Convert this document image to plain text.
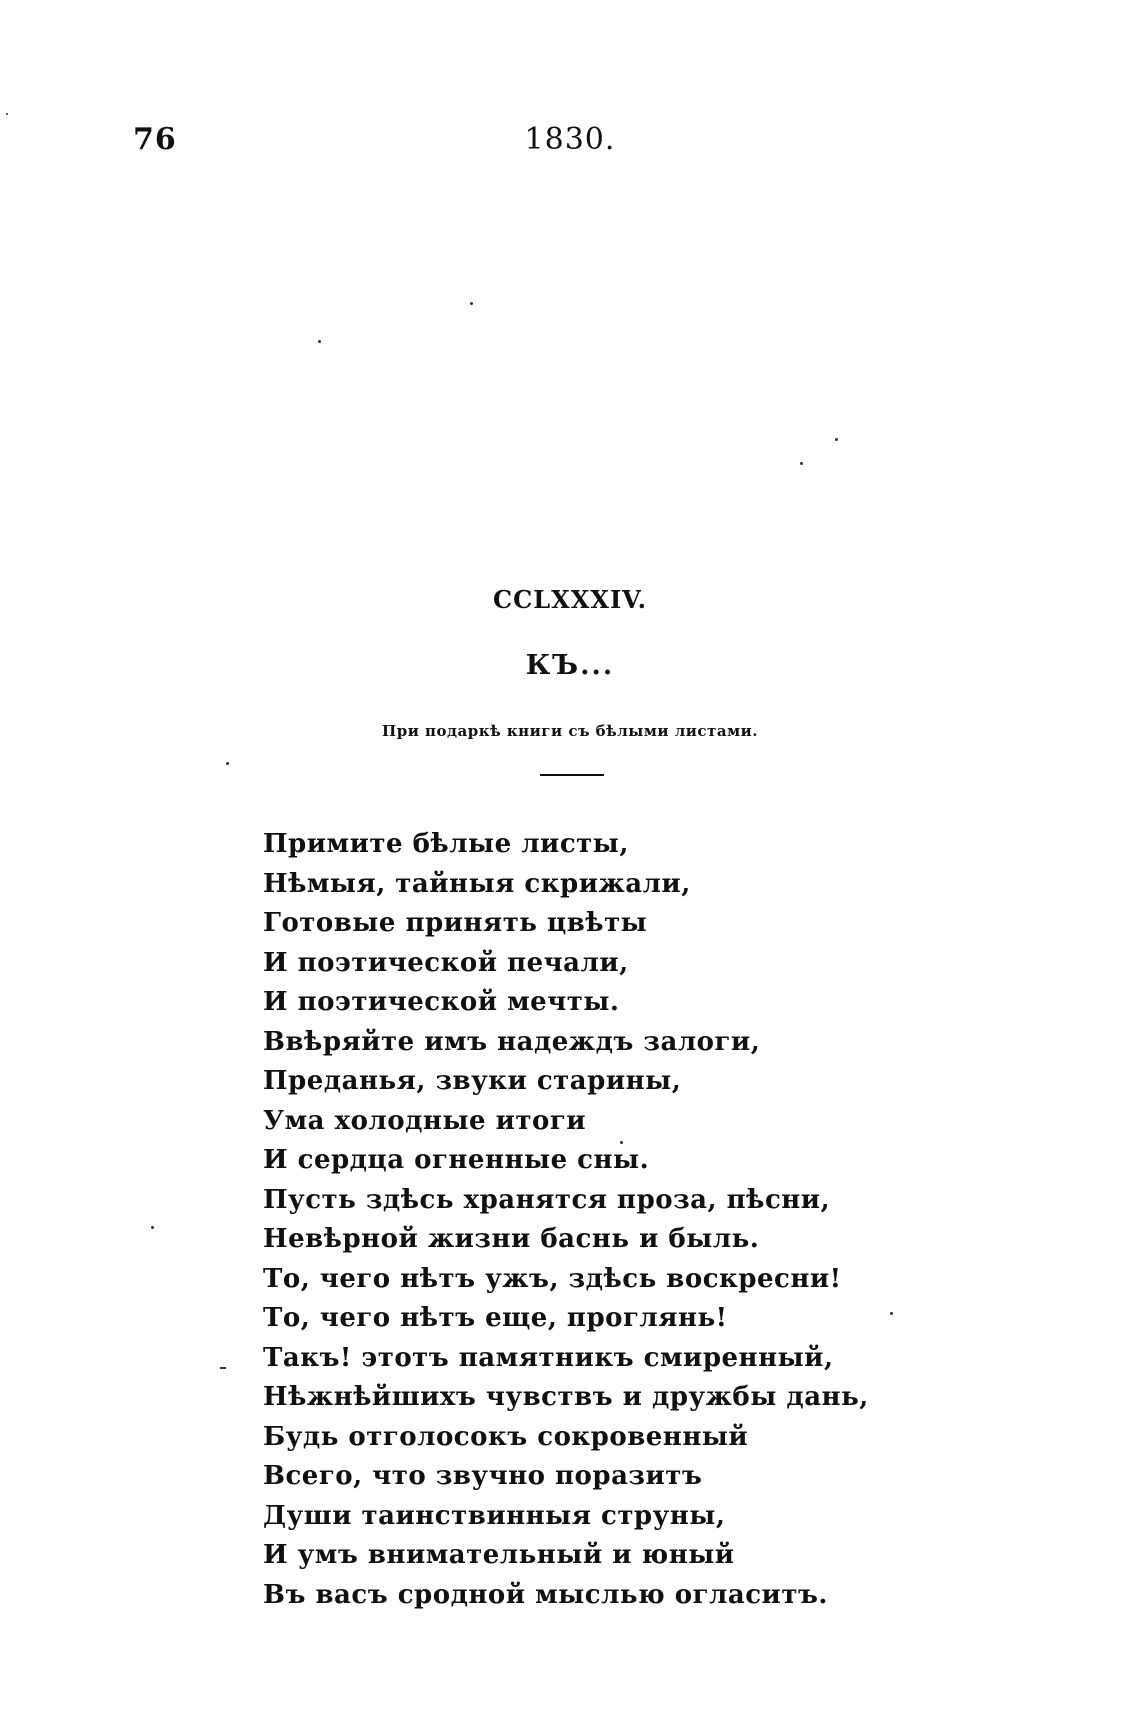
76	1830.
CCLXXXIV.
КЪ...
При подаркѣ книги съ бѣлыми листами.
Примите бѣлые листы,
Нѣмыя, тайныя скрижали,
Готовые принять цвѣты
И поэтической печали,
И поэтической мечты.
Ввѣряйте имъ надеждъ залоги,
Преданья, звуки старины,
Ума холодные итоги
И сердца огненные сны.
Пусть здѣсь хранятся проза, пѣсни,
Невѣрной жизни баснь и быль.
То, чего нѣтъ ужъ, здѣсь воскресни!
То, чего нѣтъ еще, проглянь!
Такъ! этотъ памятникъ смиренный,
Нѣжнѣйшихъ чувствъ и дружбы дань,
Будь отголосокъ сокровенный
Всего, что звучно поразитъ
Души таинствинныя струны,
И умъ внимательный и юный
Въ васъ сродной мыслью огласитъ.
